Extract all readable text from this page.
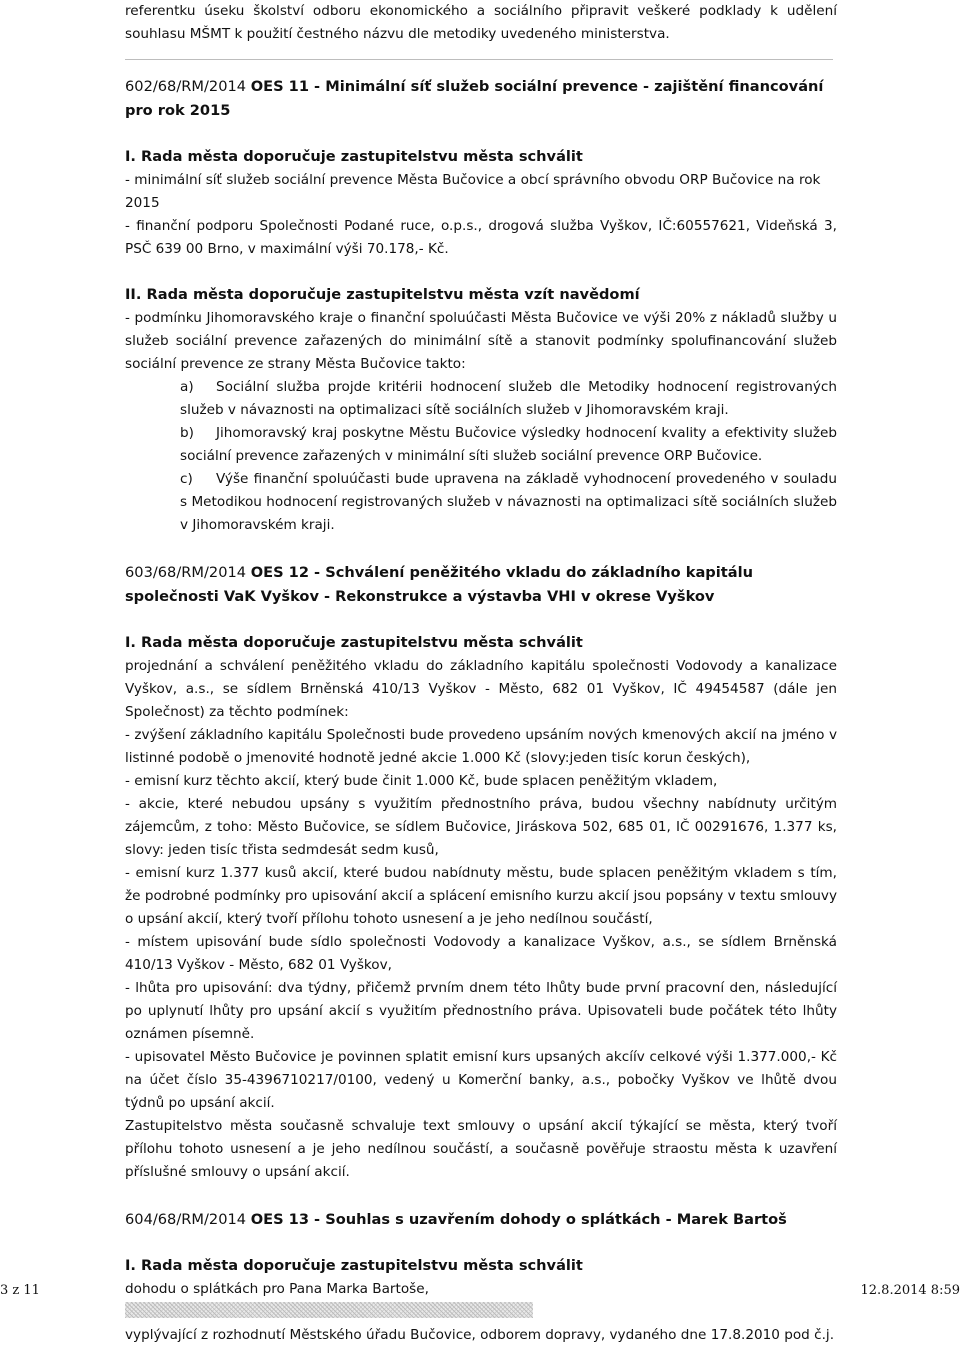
referentku úseku školství odboru ekonomického a sociálního připravit veškeré podklady k udělení souhlasu MŠMT k použití čestného názvu dle metodiky uvedeného ministerstva.

602/68/RM/2014 OES 11 - Minimální síť služeb sociální prevence - zajištění financování pro rok 2015

I. Rada města doporučuje zastupitelstvu města schválit

- minimální síť služeb sociální prevence Města Bučovice a obcí správního obvodu ORP Bučovice na rok 2015

- finanční podporu Společnosti Podané ruce, o.p.s., drogová služba Vyškov, IČ:60557621, Videňská 3, PSČ 639 00 Brno, v maximální výši 70.178,- Kč.

II. Rada města doporučuje zastupitelstvu města vzít navědomí

- podmínku Jihomoravského kraje o finanční spoluúčasti Města Bučovice ve výši 20% z nákladů služby u služeb sociální prevence zařazených do minimální sítě a stanovit podmínky spolufinancování služeb sociální prevence ze strany Města Bučovice takto:

a) Sociální služba projde kritérii hodnocení služeb dle Metodiky hodnocení registrovaných služeb v návaznosti na optimalizaci sítě sociálních služeb v Jihomoravském kraji.

b) Jihomoravský kraj poskytne Městu Bučovice výsledky hodnocení kvality a efektivity služeb sociální prevence zařazených v minimální síti služeb sociální prevence ORP Bučovice.

c) Výše finanční spoluúčasti bude upravena na základě vyhodnocení provedeného v souladu s Metodikou hodnocení registrovaných služeb v návaznosti na optimalizaci sítě sociálních služeb v Jihomoravském kraji.

603/68/RM/2014 OES 12 - Schválení peněžitého vkladu do základního kapitálu společnosti VaK Vyškov - Rekonstrukce a výstavba VHI v okrese Vyškov

I. Rada města doporučuje zastupitelstvu města schválit

projednání a schválení peněžitého vkladu do základního kapitálu společnosti Vodovody a kanalizace Vyškov, a.s., se sídlem Brněnská 410/13 Vyškov - Město, 682 01 Vyškov, IČ 49454587 (dále jen Společnost) za těchto podmínek:

- zvýšení základního kapitálu Společnosti bude provedeno upsáním nových kmenových akcií na jméno v listinné podobě o jmenovité hodnotě jedné akcie 1.000 Kč (slovy:jeden tisíc korun českých),

- emisní kurz těchto akcií, který bude činit 1.000 Kč, bude splacen peněžitým vkladem,

- akcie, které nebudou upsány s využitím přednostního práva, budou všechny nabídnuty určitým zájemcům, z toho: Město Bučovice, se sídlem Bučovice, Jiráskova 502, 685 01, IČ 00291676, 1.377 ks, slovy: jeden tisíc třista sedmdesát sedm kusů,

- emisní kurz 1.377 kusů akcií, které budou nabídnuty městu, bude splacen peněžitým vkladem s tím, že podrobné podmínky pro upisování akcií a splácení emisního kurzu akcií jsou popsány v textu smlouvy o upsání akcií, který tvoří přílohu tohoto usnesení a je jeho nedílnou součástí,

- místem upisování bude sídlo společnosti Vodovody a kanalizace Vyškov, a.s., se sídlem Brněnská 410/13 Vyškov - Město, 682 01 Vyškov,

- lhůta pro upisování: dva týdny, přičemž prvním dnem této lhůty bude první pracovní den, následující po uplynutí lhůty pro upsání akcií s využitím přednostního práva. Upisovateli bude počátek této lhůty oznámen písemně.

- upisovatel Město Bučovice je povinnen splatit emisní kurs upsaných akcíív celkové výši 1.377.000,- Kč na účet číslo 35-4396710217/0100, vedený u Komerční banky, a.s., pobočky Vyškov ve lhůtě dvou týdnů po upsání akcií.

Zastupitelstvo města současně schvaluje text smlouvy o upsání akcií týkající se města, který tvoří přílohu tohoto usnesení a je jeho nedílnou součástí, a současně pověřuje straostu města k uzavření příslušné smlouvy o upsání akcií.

604/68/RM/2014 OES 13 - Souhlas s uzavřením dohody o splátkách - Marek Bartoš

I. Rada města doporučuje zastupitelstvu města schválit

dohodu o splátkách pro Pana Marka Bartoše,

vyplývající z rozhodnutí Městského úřadu Bučovice, odborem dopravy, vydaného dne 17.8.2010 pod č.j.

3 z 11	12.8.2014 8:59
